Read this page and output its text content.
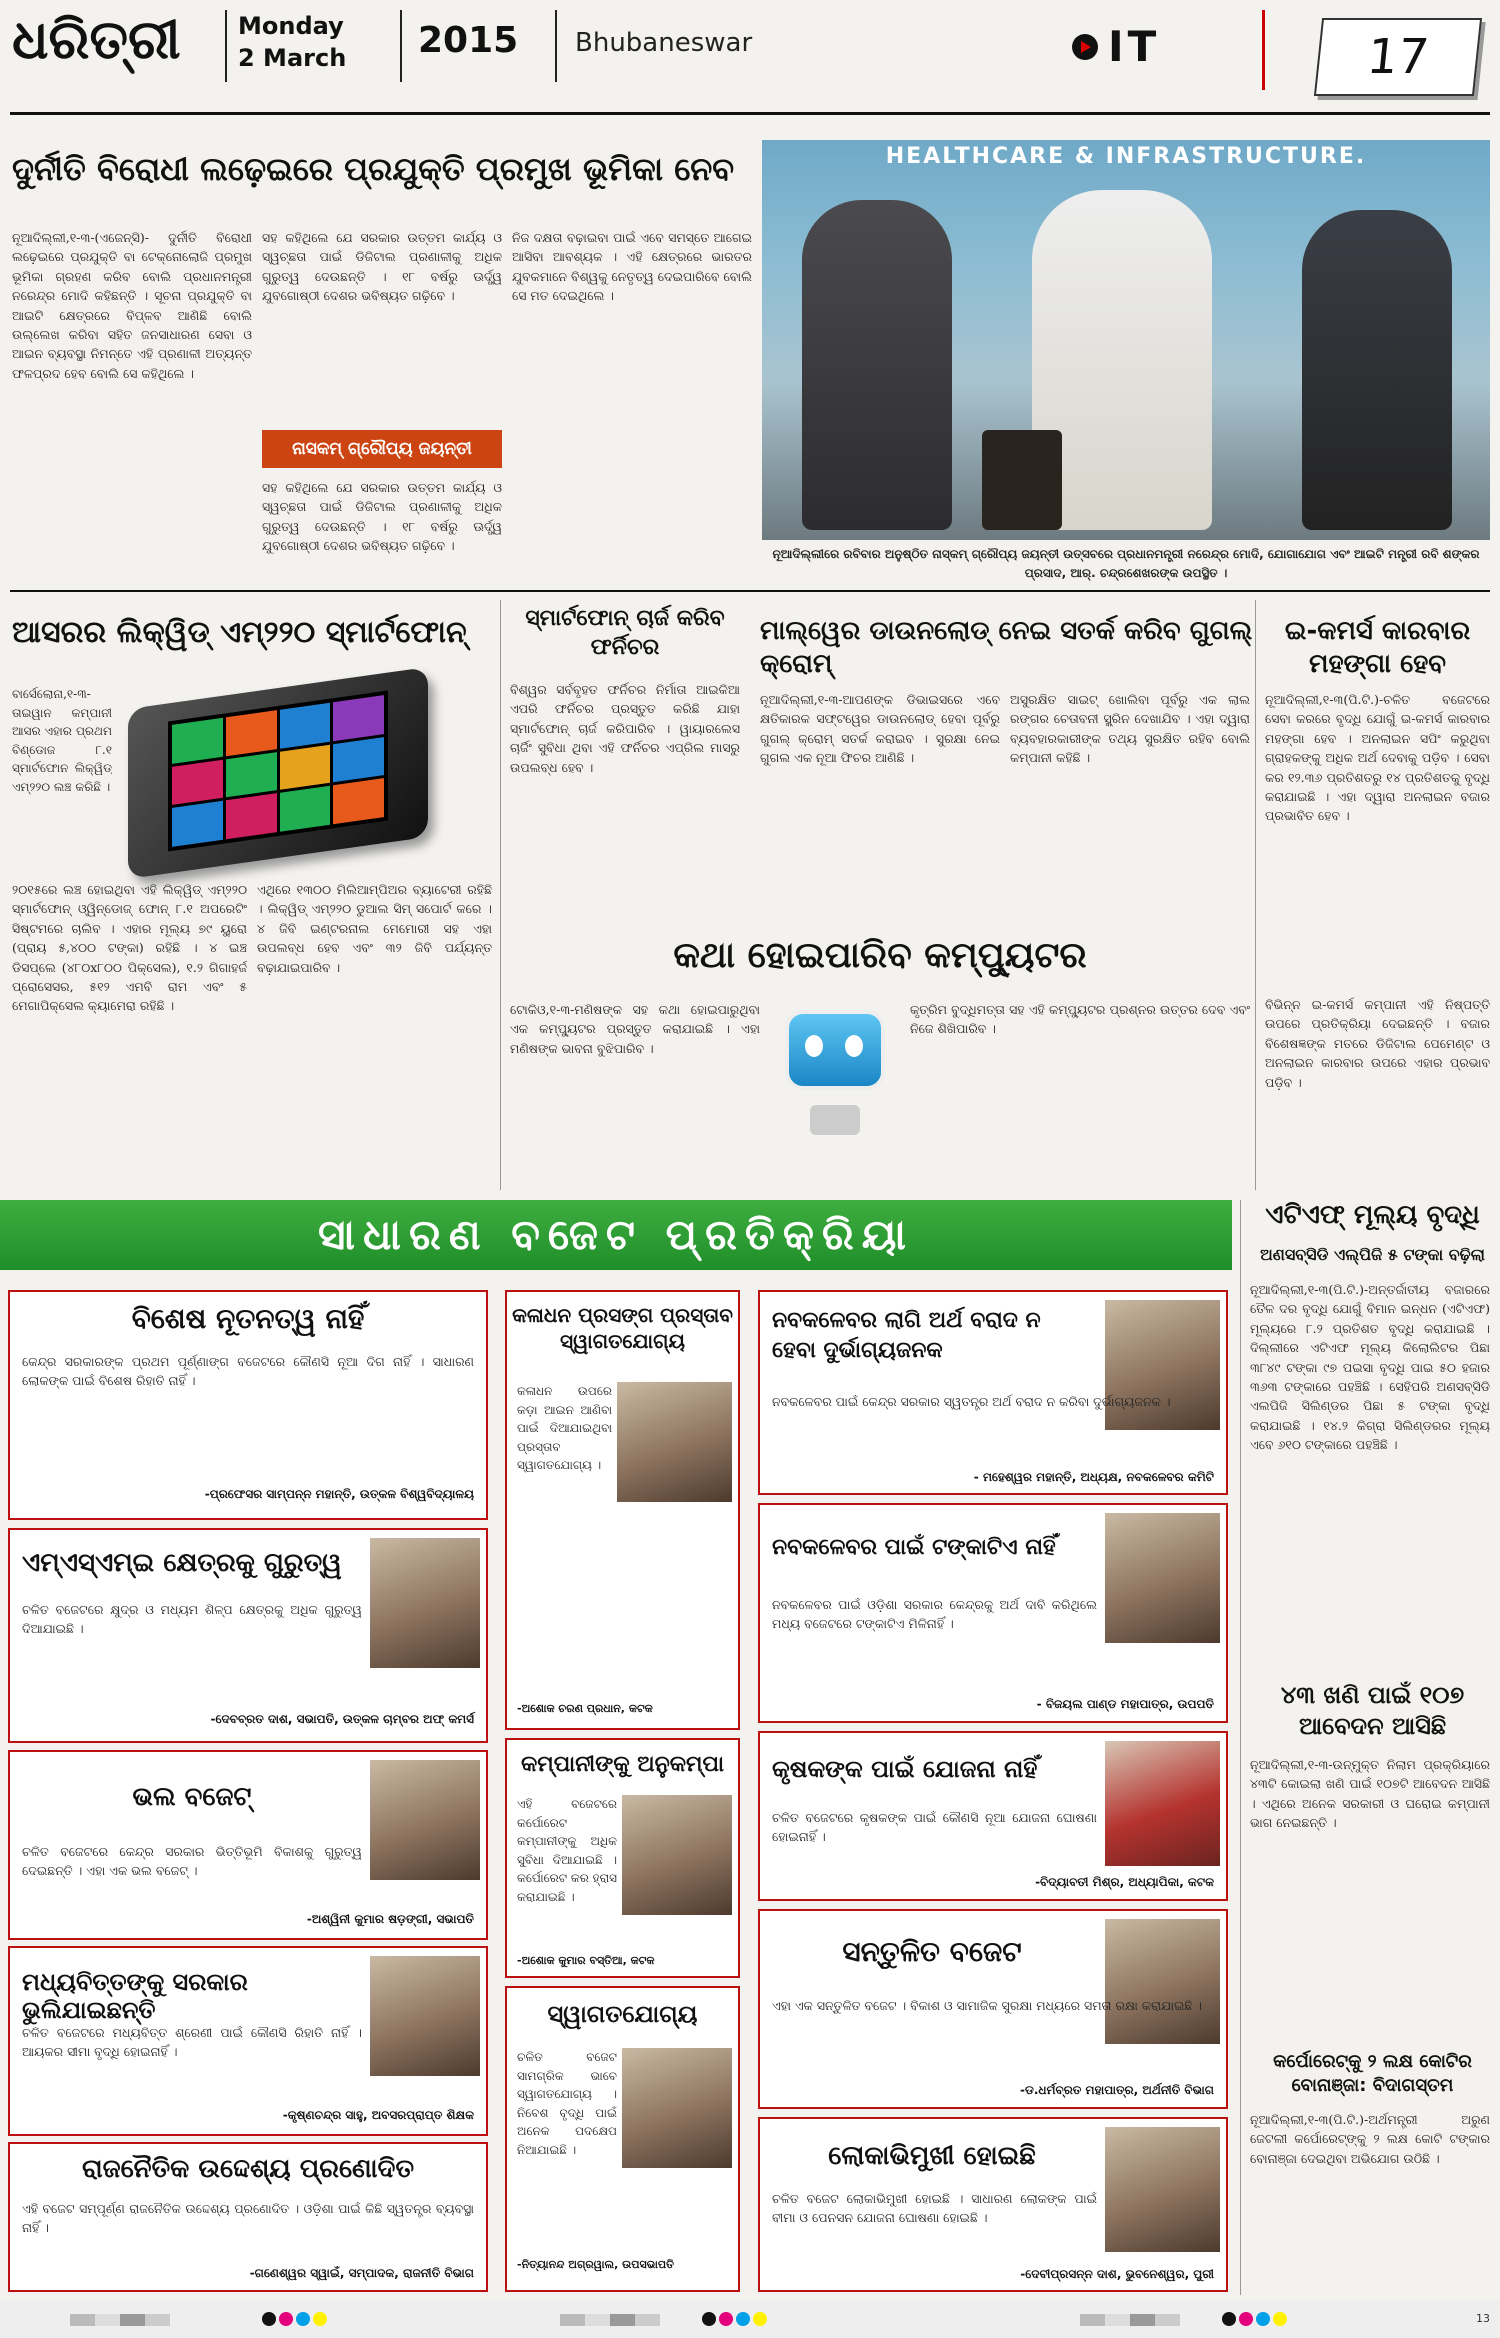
ଧରିତ୍ରୀ Monday
2 March 2015 Bhubaneswar	IT	17
ଦୁର୍ନୀତି ବିରୋଧୀ ଲଢ଼େଇରେ ପ୍ରଯୁକ୍ତି ପ୍ରମୁଖ ଭୂମିକା ନେବ
ନୂଆଦିଲ୍ଲୀ,୧-୩-(ଏଜେନ୍ସି)- ଦୁର୍ନୀତି ବିରୋଧୀ ଲଢ଼େଇରେ ପ୍ରଯୁକ୍ତି ବା ଟେକ୍ନୋଲୋଜି ପ୍ରମୁଖ ଭୂମିକା ଗ୍ରହଣ କରିବ ବୋଲି ପ୍ରଧାନମନ୍ତ୍ରୀ ନରେନ୍ଦ୍ର ମୋଦି କହିଛନ୍ତି । ସୂଚନା ପ୍ରଯୁକ୍ତି ବା ଆଇଟି କ୍ଷେତ୍ରରେ ବିପ୍ଳବ ଆଣିଛି ବୋଲି ଉଲ୍ଲେଖ କରିବା ସହିତ ଜନସାଧାରଣ ସେବା ଓ ଆଇନ ବ୍ୟବସ୍ଥା ନିମନ୍ତେ ଏହି ପ୍ରଣାଳୀ ଅତ୍ୟନ୍ତ ଫଳପ୍ରଦ ହେବ ବୋଲି ସେ କହିଥିଲେ ।
ସହ କହିଥିଲେ ଯେ ସରକାର ଉତ୍ତମ କାର୍ଯ୍ୟ ଓ ସ୍ୱଚ୍ଛତା ପାଇଁ ଡିଜିଟାଲ ପ୍ରଣାଳୀକୁ ଅଧିକ ଗୁରୁତ୍ୱ ଦେଉଛନ୍ତି । ୧୮ ବର୍ଷରୁ ଊର୍ଦ୍ଧ୍ୱ ଯୁବଗୋଷ୍ଠୀ ଦେଶର ଭବିଷ୍ୟତ ଗଢ଼ିବେ ।
ନାସକମ୍ ଗ୍ରୌପ୍ୟ ଜୟନ୍ତୀ
ସହ କହିଥିଲେ ଯେ ସରକାର ଉତ୍ତମ କାର୍ଯ୍ୟ ଓ ସ୍ୱଚ୍ଛତା ପାଇଁ ଡିଜିଟାଲ ପ୍ରଣାଳୀକୁ ଅଧିକ ଗୁରୁତ୍ୱ ଦେଉଛନ୍ତି । ୧୮ ବର୍ଷରୁ ଊର୍ଦ୍ଧ୍ୱ ଯୁବଗୋଷ୍ଠୀ ଦେଶର ଭବିଷ୍ୟତ ଗଢ଼ିବେ ।
ନିଜ ଦକ୍ଷତା ବଢ଼ାଇବା ପାଇଁ ଏବେ ସମସ୍ତେ ଆଗେଇ ଆସିବା ଆବଶ୍ୟକ । ଏହି କ୍ଷେତ୍ରରେ ଭାରତର ଯୁବକମାନେ ବିଶ୍ୱକୁ ନେତୃତ୍ୱ ଦେଇପାରିବେ ବୋଲି ସେ ମତ ଦେଇଥିଲେ ।
HEALTHCARE & INFRASTRUCTURE.
ନୂଆଦିଲ୍ଲୀରେ ରବିବାର ଅନୁଷ୍ଠିତ ନାସ୍କମ୍ ଗ୍ରୌପ୍ୟ ଜୟନ୍ତୀ ଉତ୍ସବରେ ପ୍ରଧାନମନ୍ତ୍ରୀ ନରେନ୍ଦ୍ର ମୋଦି, ଯୋଗାଯୋଗ ଏବଂ ଆଇଟି ମନ୍ତ୍ରୀ ରବି ଶଙ୍କର ପ୍ରସାଦ, ଆର୍. ଚନ୍ଦ୍ରଶେଖରଙ୍କ ଉପସ୍ଥିତ ।
ଆସରର ଲିକ୍ୱିଡ୍ ଏମ୍୨୨୦ ସ୍ମାର୍ଟଫୋନ୍
ବାର୍ସେଲୋନା,୧-୩- ତାଇୱାନ କମ୍ପାନୀ ଆସର ଏହାର ପ୍ରଥମ ବିଣ୍ଡୋଜ ୮.୧ ସ୍ମାର୍ଟଫୋନ ଲିକ୍ୱିଡ୍ ଏମ୍୨୨୦ ଲଞ୍ଚ କରିଛି ।
୨୦୧୫ରେ ଲଞ୍ଚ ହୋଇଥିବା ଏହି ଲିକ୍ୱିଡ୍ ଏମ୍୨୨୦ ସ୍ମାର୍ଟଫୋନ୍ ଓ୍ୱିନ୍ଡୋଜ୍ ଫୋନ୍ ୮.୧ ଅପରେଟିଂ ସିଷ୍ଟମରେ ଚାଲିବ । ଏହାର ମୂଲ୍ୟ ୭୯ ୟୁରୋ (ପ୍ରାୟ ୫,୪୦୦ ଟଙ୍କା) ରହିଛି । ୪ ଇଞ୍ଚ ଡିସପ୍ଲେ (୪୮୦x୮୦୦ ପିକ୍ସେଲ), ୧.୨ ଗିଗାହର୍ଜ ପ୍ରୋସେସର, ୫୧୨ ଏମବି ରାମ ଏବଂ ୫ ମେଗାପିକ୍ସେଲ କ୍ୟାମେରା ରହିଛି ।
ଏଥିରେ ୧୩୦୦ ମିଲିଆମ୍ପିଅର ବ୍ୟାଟେରୀ ରହିଛି । ଲିକ୍ୱିଡ୍ ଏମ୍୨୨୦ ଡୁଆଲ ସିମ୍ ସପୋର୍ଟ କରେ । ୪ ଜିବି ଇଣ୍ଟରନାଲ ମେମୋରୀ ସହ ଏହା ଉପଲବ୍ଧ ହେବ ଏବଂ ୩୨ ଜିବି ପର୍ଯ୍ୟନ୍ତ ବଢ଼ାଯାଇପାରିବ ।
ସ୍ମାର୍ଟଫୋନ୍ ଚାର୍ଜ କରିବ ଫର୍ନିଚର
ବିଶ୍ୱର ସର୍ବବୃହତ ଫର୍ନିଚର ନିର୍ମାତା ଆଇକିଆ ଏପରି ଫର୍ନିଚର ପ୍ରସ୍ତୁତ କରିଛି ଯାହା ସ୍ମାର୍ଟଫୋନ୍ ଚାର୍ଜ କରିପାରିବ । ୱାୟାରଲେସ ଚାର୍ଜିଂ ସୁବିଧା ଥିବା ଏହି ଫର୍ନିଚର ଏପ୍ରିଲ ମାସରୁ ଉପଲବ୍ଧ ହେବ ।
ମାଲ୍ୱେର ଡାଉନଲୋଡ୍ ନେଇ ସତର୍କ କରିବ ଗୁଗଲ୍ କ୍ରୋମ୍
ନୂଆଦିଲ୍ଲୀ,୧-୩-ଆପଣଙ୍କ ଡିଭାଇସରେ ଏବେ କ୍ଷତିକାରକ ସଫ୍ଟୱେର ଡାଉନଲୋଡ୍ ହେବା ପୂର୍ବରୁ ଗୁଗଲ୍ କ୍ରୋମ୍ ସତର୍କ କରାଇବ । ସୁରକ୍ଷା ନେଇ ଗୁଗଲ ଏକ ନୂଆ ଫିଚର ଆଣିଛି ।
ଅସୁରକ୍ଷିତ ସାଇଟ୍ ଖୋଲିବା ପୂର୍ବରୁ ଏକ ଲାଲ ରଙ୍ଗର ଚେତାବନୀ ସ୍କ୍ରିନ ଦେଖାଯିବ । ଏହା ଦ୍ୱାରା ବ୍ୟବହାରକାରୀଙ୍କ ତଥ୍ୟ ସୁରକ୍ଷିତ ରହିବ ବୋଲି କମ୍ପାନୀ କହିଛି ।
କଥା ହୋଇପାରିବ କମ୍ପ୍ୟୁଟର
ଟୋକିଓ,୧-୩-ମଣିଷଙ୍କ ସହ କଥା ହୋଇପାରୁଥିବା ଏକ କମ୍ପ୍ୟୁଟର ପ୍ରସ୍ତୁତ କରାଯାଇଛି । ଏହା ମଣିଷଙ୍କ ଭାବନା ବୁଝିପାରିବ ।
କୃତ୍ରିମ ବୁଦ୍ଧିମତ୍ତା ସହ ଏହି କମ୍ପ୍ୟୁଟର ପ୍ରଶ୍ନର ଉତ୍ତର ଦେବ ଏବଂ ନିଜେ ଶିଖିପାରିବ ।
ଇ-କମର୍ସ କାରବାର ମହଙ୍ଗା ହେବ
ନୂଆଦିଲ୍ଲୀ,୧-୩(ପି.ଟି.)-ଚଳିତ ବଜେଟରେ ସେବା କରରେ ବୃଦ୍ଧି ଯୋଗୁଁ ଇ-କମର୍ସ କାରବାର ମହଙ୍ଗା ହେବ । ଅନଲାଇନ ସପିଂ କରୁଥିବା ଗ୍ରାହକଙ୍କୁ ଅଧିକ ଅର୍ଥ ଦେବାକୁ ପଡ଼ିବ । ସେବା କର ୧୨.୩୬ ପ୍ରତିଶତରୁ ୧୪ ପ୍ରତିଶତକୁ ବୃଦ୍ଧି କରାଯାଇଛି । ଏହା ଦ୍ୱାରା ଅନଲାଇନ ବଜାର ପ୍ରଭାବିତ ହେବ ।
ବିଭିନ୍ନ ଇ-କମର୍ସ କମ୍ପାନୀ ଏହି ନିଷ୍ପତ୍ତି ଉପରେ ପ୍ରତିକ୍ରିୟା ଦେଇଛନ୍ତି । ବଜାର ବିଶେଷଜ୍ଞଙ୍କ ମତରେ ଡିଜିଟାଲ ପେମେଣ୍ଟ ଓ ଅନଲାଇନ କାରବାର ଉପରେ ଏହାର ପ୍ରଭାବ ପଡ଼ିବ ।
ସାଧାରଣ ବଜେଟ ପ୍ରତିକ୍ରିୟା
ବିଶେଷ ନୂତନତ୍ୱ ନାହିଁ
କେନ୍ଦ୍ର ସରକାରଙ୍କ ପ୍ରଥମ ପୂର୍ଣ୍ଣାଙ୍ଗ ବଜେଟରେ କୌଣସି ନୂଆ ଦିଗ ନାହିଁ । ସାଧାରଣ ଲୋକଙ୍କ ପାଇଁ ବିଶେଷ ରିହାତି ନାହିଁ ।
-ପ୍ରଫେସର ସାମ୍ପନ୍ନ ମହାନ୍ତି, ଉତ୍କଳ ବିଶ୍ୱବିଦ୍ୟାଳୟ
ଏମ୍ଏସ୍ଏମ୍ଇ କ୍ଷେତ୍ରକୁ ଗୁରୁତ୍ୱ
ଚଳିତ ବଜେଟରେ କ୍ଷୁଦ୍ର ଓ ମଧ୍ୟମ ଶିଳ୍ପ କ୍ଷେତ୍ରକୁ ଅଧିକ ଗୁରୁତ୍ୱ ଦିଆଯାଇଛି ।
-ଦେବବ୍ରତ ଦାଶ, ସଭାପତି, ଉତ୍କଳ ଚାମ୍ବର ଅଫ୍ କମର୍ସ
ଭଲ ବଜେଟ୍
ଚଳିତ ବଜେଟରେ କେନ୍ଦ୍ର ସରକାର ଭିତ୍ତିଭୂମି ବିକାଶକୁ ଗୁରୁତ୍ୱ ଦେଇଛନ୍ତି । ଏହା ଏକ ଭଲ ବଜେଟ୍ ।
-ଅଶ୍ୱିନୀ କୁମାର ଷଡ଼ଙ୍ଗୀ, ସଭାପତି
ମଧ୍ୟବିତ୍ତଙ୍କୁ ସରକାର ଭୁଲିଯାଇଛନ୍ତି
ଚଳିତ ବଜେଟରେ ମଧ୍ୟବିତ୍ତ ଶ୍ରେଣୀ ପାଇଁ କୌଣସି ରିହାତି ନାହିଁ । ଆୟକର ସୀମା ବୃଦ୍ଧି ହୋଇନାହିଁ ।
-କୃଷ୍ଣଚନ୍ଦ୍ର ସାହୁ, ଅବସରପ୍ରାପ୍ତ ଶିକ୍ଷକ
ରାଜନୈତିକ ଉଦ୍ଦେଶ୍ୟ ପ୍ରଣୋଦିତ
ଏହି ବଜେଟ ସମ୍ପୂର୍ଣ୍ଣ ରାଜନୈତିକ ଉଦ୍ଦେଶ୍ୟ ପ୍ରଣୋଦିତ । ଓଡ଼ିଶା ପାଇଁ କିଛି ସ୍ୱତନ୍ତ୍ର ବ୍ୟବସ୍ଥା ନାହିଁ ।
-ଗଣେଶ୍ୱର ସ୍ୱାଇଁ, ସମ୍ପାଦକ, ରାଜନୀତି ବିଭାଗ
କଳାଧନ ପ୍ରସଙ୍ଗ ପ୍ରସ୍ତାବ ସ୍ୱାଗତଯୋଗ୍ୟ
କଳାଧନ ଉପରେ କଡ଼ା ଆଇନ ଆଣିବା ପାଇଁ ଦିଆଯାଇଥିବା ପ୍ରସ୍ତାବ ସ୍ୱାଗତଯୋଗ୍ୟ ।
-ଅଶୋକ ଚରଣ ପ୍ରଧାନ, କଟକ
କମ୍ପାନୀଙ୍କୁ ଅନୁକମ୍ପା
ଏହି ବଜେଟରେ କର୍ପୋରେଟ କମ୍ପାନୀଙ୍କୁ ଅଧିକ ସୁବିଧା ଦିଆଯାଇଛି । କର୍ପୋରେଟ କର ହ୍ରାସ କରାଯାଇଛି ।
-ଅଶୋକ କୁମାର ବସ୍ତିଆ, କଟକ
ସ୍ୱାଗତଯୋଗ୍ୟ
ଚଳିତ ବଜେଟ ସାମଗ୍ରିକ ଭାବେ ସ୍ୱାଗତଯୋଗ୍ୟ । ନିବେଶ ବୃଦ୍ଧି ପାଇଁ ଅନେକ ପଦକ୍ଷେପ ନିଆଯାଇଛି ।
-ନିତ୍ୟାନନ୍ଦ ଅଗ୍ରୱାଲ, ଉପସଭାପତି
ନବକଳେବର ଲାଗି ଅର୍ଥ ବରାଦ ନ ହେବା ଦୁର୍ଭାଗ୍ୟଜନକ
ନବକଳେବର ପାଇଁ କେନ୍ଦ୍ର ସରକାର ସ୍ୱତନ୍ତ୍ର ଅର୍ଥ ବରାଦ ନ କରିବା ଦୁର୍ଭାଗ୍ୟଜନକ ।
- ମହେଶ୍ୱର ମହାନ୍ତି, ଅଧ୍ୟକ୍ଷ, ନବକଳେବର କମିଟି
ନବକଳେବର ପାଇଁ ଟଙ୍କାଟିଏ ନାହିଁ
ନବକଳେବର ପାଇଁ ଓଡ଼ିଶା ସରକାର କେନ୍ଦ୍ରକୁ ଅର୍ଥ ଦାବି କରିଥିଲେ ମଧ୍ୟ ବଜେଟରେ ଟଙ୍କାଟିଏ ମିଳିନାହିଁ ।
- ବିଜୟଲ ପାଣ୍ଡ ମହାପାତ୍ର, ଉପପତି
କୃଷକଙ୍କ ପାଇଁ ଯୋଜନା ନାହିଁ
ଚଳିତ ବଜେଟରେ କୃଷକଙ୍କ ପାଇଁ କୌଣସି ନୂଆ ଯୋଜନା ଘୋଷଣା ହୋଇନାହିଁ ।
-ବିଦ୍ୟାବତୀ ମିଶ୍ର, ଅଧ୍ୟାପିକା, କଟକ
ସନ୍ତୁଳିତ ବଜେଟ
ଏହା ଏକ ସନ୍ତୁଳିତ ବଜେଟ । ବିକାଶ ଓ ସାମାଜିକ ସୁରକ୍ଷା ମଧ୍ୟରେ ସମତା ରକ୍ଷା କରାଯାଇଛି ।
-ଡ.ଧର୍ମବ୍ରତ ମହାପାତ୍ର, ଅର୍ଥନୀତି ବିଭାଗ
ଲୋକାଭିମୁଖୀ ହୋଇଛି
ଚଳିତ ବଜେଟ ଲୋକାଭିମୁଖୀ ହୋଇଛି । ସାଧାରଣ ଲୋକଙ୍କ ପାଇଁ ବୀମା ଓ ପେନସନ ଯୋଜନା ଘୋଷଣା ହୋଇଛି ।
-ଦେବୀପ୍ରସନ୍ନ ଦାଶ, ଭୁବନେଶ୍ୱର, ପୁରୀ
ଏଟିଏଫ୍ ମୂଲ୍ୟ ବୃଦ୍ଧି
ଅଣସବ୍ସିଡି ଏଲ୍ପିଜି ୫ ଟଙ୍କା ବଢ଼ିଲା
ନୂଆଦିଲ୍ଲୀ,୧-୩(ପି.ଟି.)-ଅନ୍ତର୍ଜାତୀୟ ବଜାରରେ ତୈଳ ଦର ବୃଦ୍ଧି ଯୋଗୁଁ ବିମାନ ଇନ୍ଧନ (ଏଟିଏଫ) ମୂଲ୍ୟରେ ୮.୨ ପ୍ରତିଶତ ବୃଦ୍ଧି କରାଯାଇଛି । ଦିଲ୍ଲୀରେ ଏଟିଏଫ ମୂଲ୍ୟ କିଲୋଲିଟର ପିଛା ୩୮୪୯ ଟଙ୍କା ୯୭ ପଇସା ବୃଦ୍ଧି ପାଇ ୫୦ ହଜାର ୩୬୩ ଟଙ୍କାରେ ପହଞ୍ଚିଛି । ସେହିପରି ଅଣସବ୍ସିଡି ଏଲପିଜି ସିଲିଣ୍ଡର ପିଛା ୫ ଟଙ୍କା ବୃଦ୍ଧି କରାଯାଇଛି । ୧୪.୨ କିଗ୍ରା ସିଲିଣ୍ଡରର ମୂଲ୍ୟ ଏବେ ୬୧୦ ଟଙ୍କାରେ ପହଞ୍ଚିଛି ।
୪୩ ଖଣି ପାଇଁ ୧୦୭ ଆବେଦନ ଆସିଛି
ନୂଆଦିଲ୍ଲୀ,୧-୩-ଉନ୍ମୁକ୍ତ ନିଲାମ ପ୍ରକ୍ରିୟାରେ ୪୩ଟି କୋଇଲା ଖଣି ପାଇଁ ୧୦୭ଟି ଆବେଦନ ଆସିଛି । ଏଥିରେ ଅନେକ ସରକାରୀ ଓ ଘରୋଇ କମ୍ପାନୀ ଭାଗ ନେଇଛନ୍ତି ।
କର୍ପୋରେଟ୍‌କୁ ୨ ଲକ୍ଷ କୋଟିର ବୋନାଞ୍ଜା: ବିଦାଗସ୍ତମ
ନୂଆଦିଲ୍ଲୀ,୧-୩(ପି.ଟି.)-ଅର୍ଥମନ୍ତ୍ରୀ ଅରୁଣ ଜେଟଲୀ କର୍ପୋରେଟ୍‌ଙ୍କୁ ୨ ଲକ୍ଷ କୋଟି ଟଙ୍କାର ବୋନାଞ୍ଜା ଦେଇଥିବା ଅଭିଯୋଗ ଉଠିଛି ।
13
